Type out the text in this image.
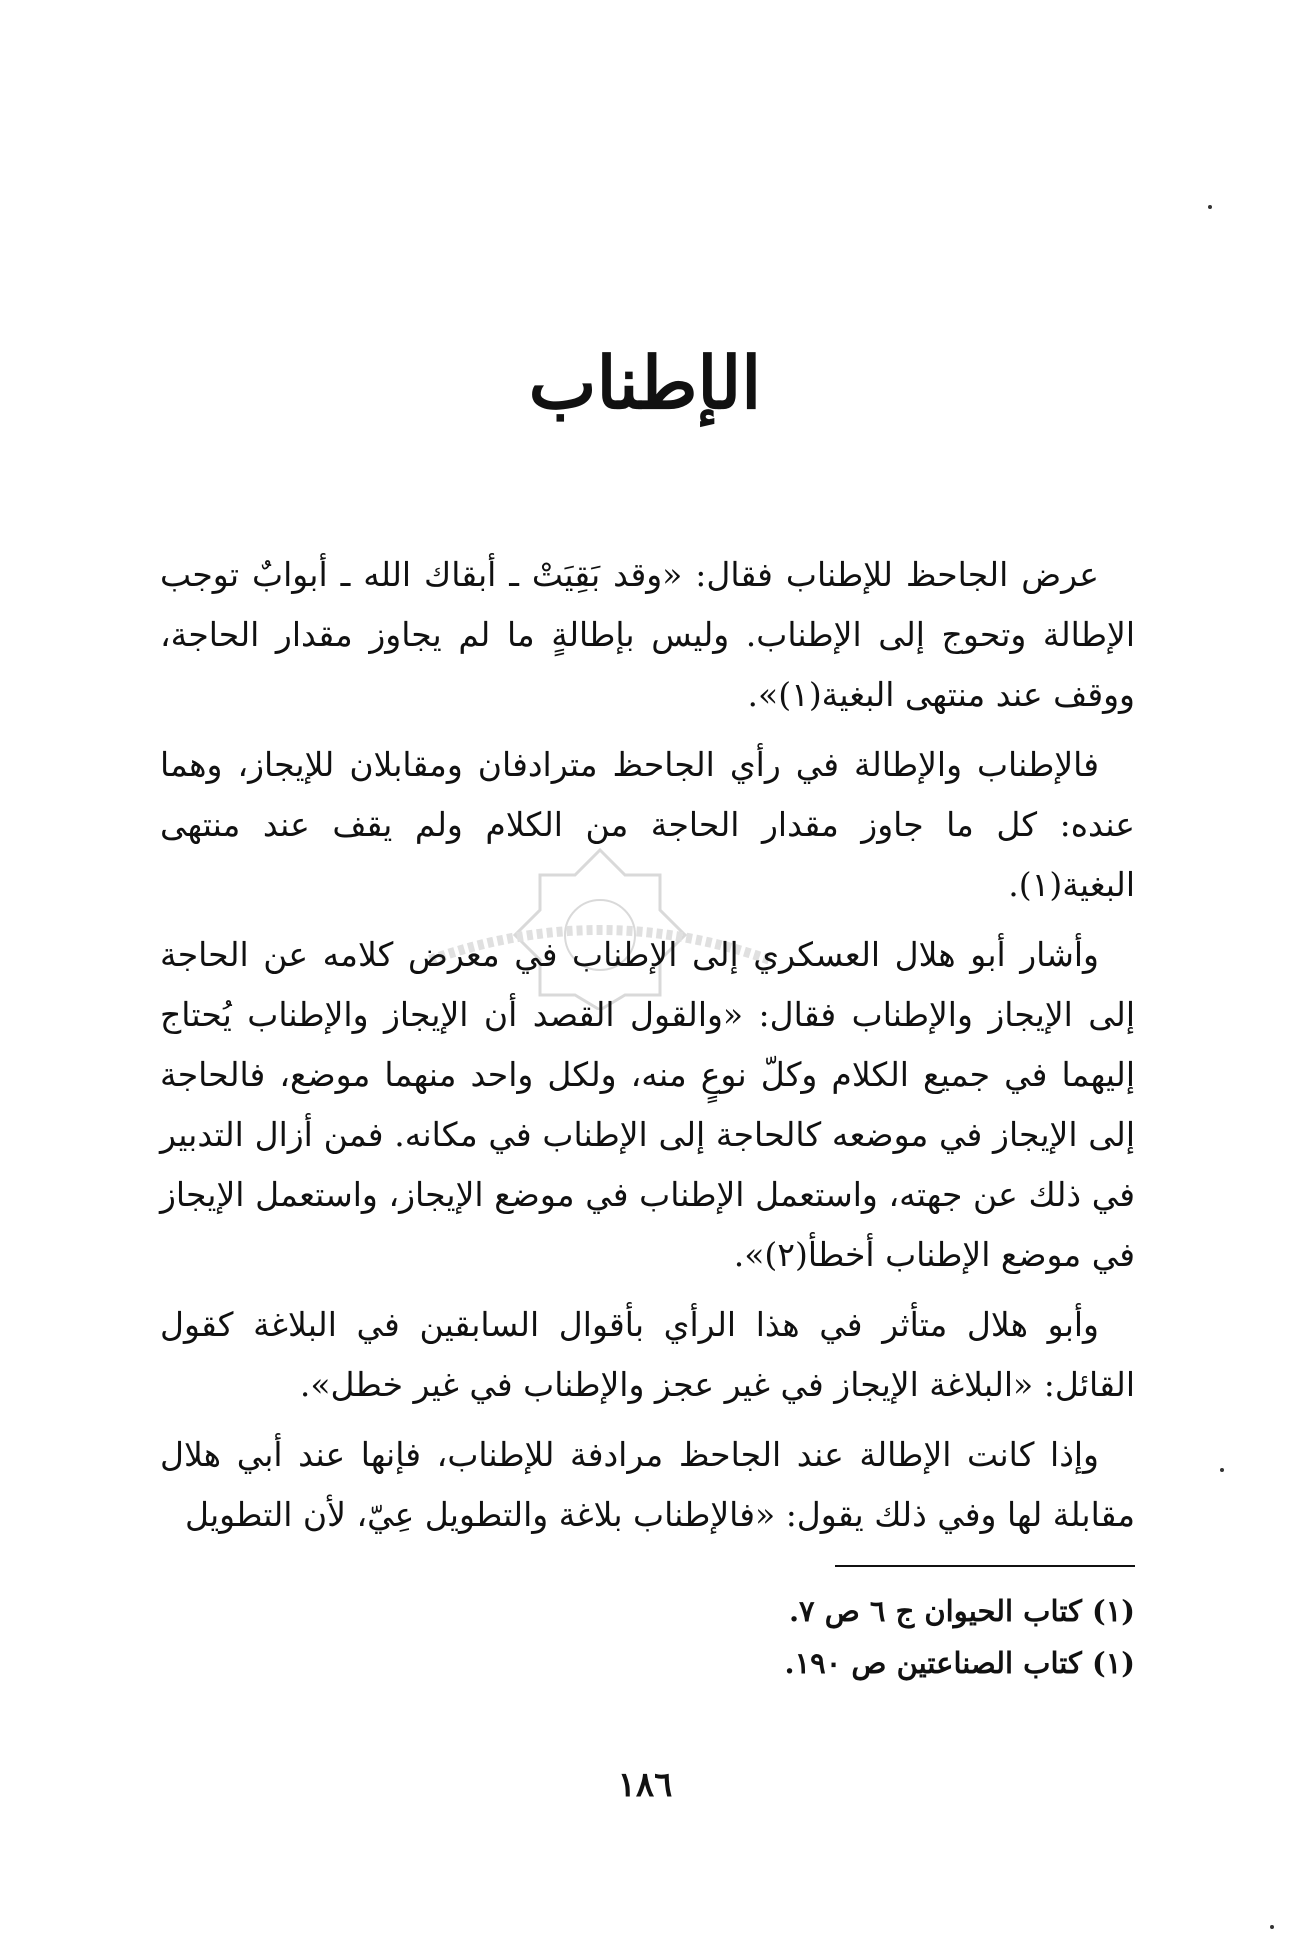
الإطناب

عرض الجاحظ للإطناب فقال: «وقد بَقِيَتْ ـ أبقاك الله ـ أبوابٌ توجب الإطالة وتحوج إلى الإطناب. وليس بإطالةٍ ما لم يجاوز مقدار الحاجة، ووقف عند منتهى البغية(١)».

فالإطناب والإطالة في رأي الجاحظ مترادفان ومقابلان للإيجاز، وهما عنده: كل ما جاوز مقدار الحاجة من الكلام ولم يقف عند منتهى البغية(١).

وأشار أبو هلال العسكري إلى الإطناب في معرض كلامه عن الحاجة إلى الإيجاز والإطناب فقال: «والقول القصد أن الإيجاز والإطناب يُحتاج إليهما في جميع الكلام وكلّ نوعٍ منه، ولكل واحد منهما موضع، فالحاجة إلى الإيجاز في موضعه كالحاجة إلى الإطناب في مكانه. فمن أزال التدبير في ذلك عن جهته، واستعمل الإطناب في موضع الإيجاز، واستعمل الإيجاز في موضع الإطناب أخطأ(٢)».

وأبو هلال متأثر في هذا الرأي بأقوال السابقين في البلاغة كقول القائل: «البلاغة الإيجاز في غير عجز والإطناب في غير خطل».

وإذا كانت الإطالة عند الجاحظ مرادفة للإطناب، فإنها عند أبي هلال مقابلة لها وفي ذلك يقول: «فالإطناب بلاغة والتطويل عِيّ، لأن التطويل

(١) كتاب الحيوان ج ٦ ص ٧.

(١) كتاب الصناعتين ص ١٩٠.

١٨٦
